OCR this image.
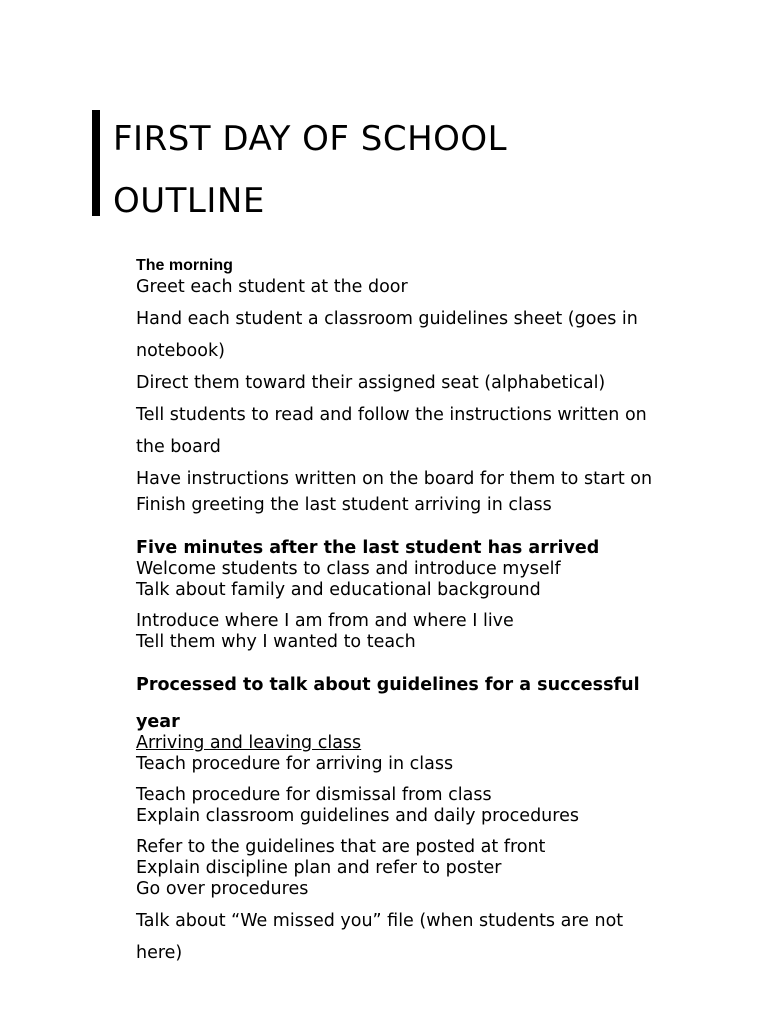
FIRST DAY OF SCHOOL
OUTLINE
The morning
Greet each student at the door
Hand each student a classroom guidelines sheet (goes in
notebook)
Direct them toward their assigned seat (alphabetical)
Tell students to read and follow the instructions written on
the board
Have instructions written on the board for them to start on
Finish greeting the last student arriving in class
Five minutes after the last student has arrived
Welcome students to class and introduce myself
Talk about family and educational background
Introduce where I am from and where I live
Tell them why I wanted to teach
Processed to talk about guidelines for a successful
year
Arriving and leaving class
Teach procedure for arriving in class
Teach procedure for dismissal from class
Explain classroom guidelines and daily procedures
Refer to the guidelines that are posted at front
Explain discipline plan and refer to poster
Go over procedures
Talk about “We missed you” file (when students are not
here)
